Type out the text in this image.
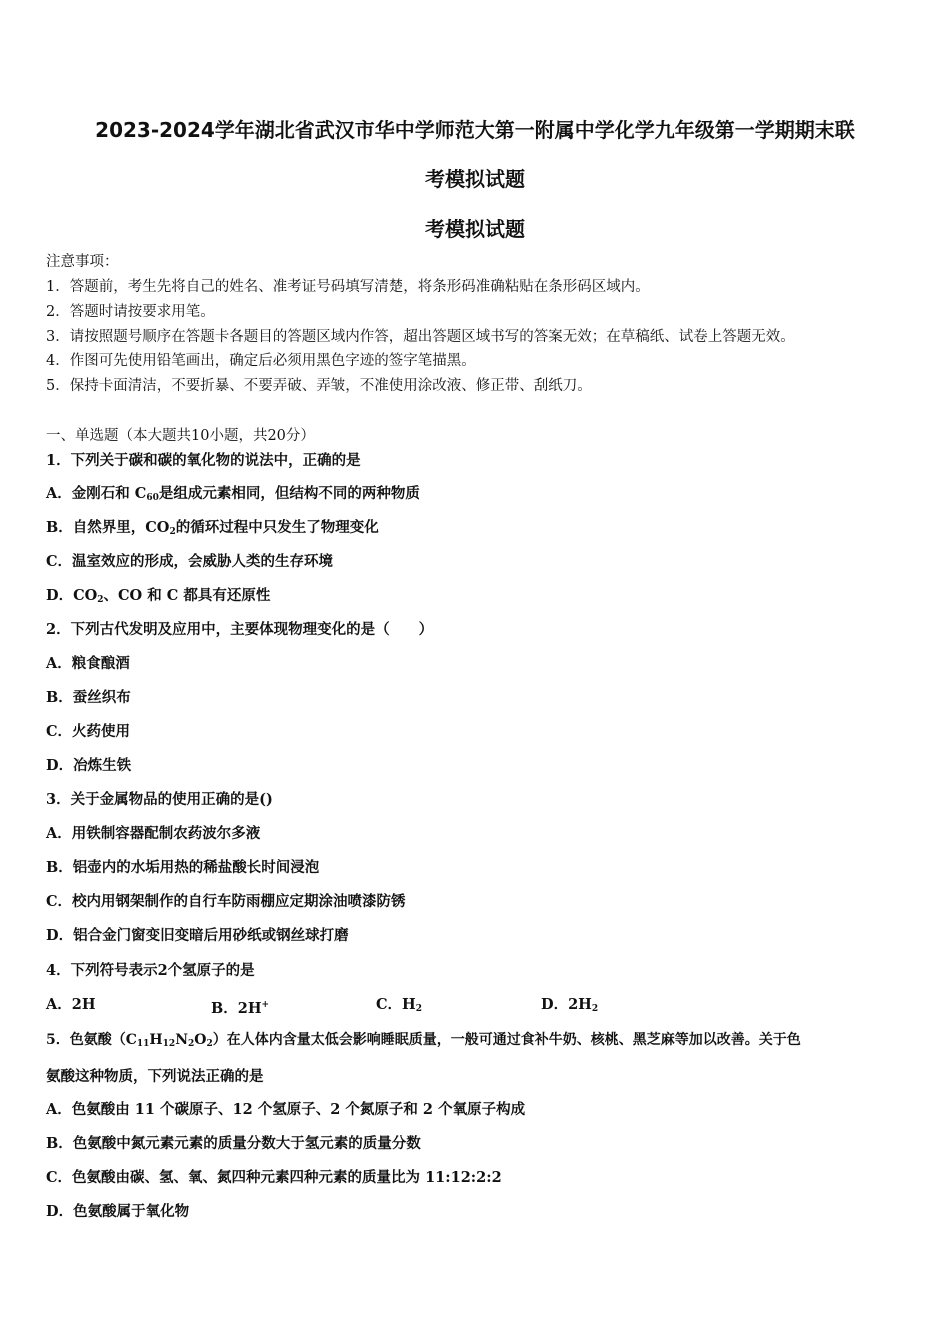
2023-2024学年湖北省武汉市华中学师范大第一附属中学化学九年级第一学期期末联
考模拟试题
考模拟试题
注意事项：
1．答题前，考生先将自己的姓名、准考证号码填写清楚，将条形码准确粘贴在条形码区域内。
2．答题时请按要求用笔。
3．请按照题号顺序在答题卡各题目的答题区域内作答，超出答题区域书写的答案无效；在草稿纸、试卷上答题无效。
4．作图可先使用铅笔画出，确定后必须用黑色字迹的签字笔描黑。
5．保持卡面清洁，不要折暴、不要弄破、弄皱，不准使用涂改液、修正带、刮纸刀。
一、单选题（本大题共10小题，共20分）
1．下列关于碳和碳的氧化物的说法中，正确的是
A．金刚石和 $C_{60}$是组成元素相同，但结构不同的两种物质
B．自然界里，$CO_2$的循环过程中只发生了物理变化
C．温室效应的形成，会威胁人类的生存环境
D．$CO_2$、CO 和 C 都具有还原性
2．下列古代发明及应用中，主要体现物理变化的是（　　）
A．粮食酿酒
B．蚕丝织布
C．火药使用
D．冶炼生铁
3．关于金属物品的使用正确的是()
A．用铁制容器配制农药波尔多液
B．铝壶内的水垢用热的稀盐酸长时间浸泡
C．校内用钢架制作的自行车防雨棚应定期涂油喷漆防锈
D．铝合金门窗变旧变暗后用砂纸或钢丝球打磨
4．下列符号表示2个氢原子的是
A．2H	B．2H+	C．$H_2$	D．$2H_2$
5．色氨酸$(C_{11}H_{12}N_2O_2)$在人体内含量太低会影响睡眠质量，一般可通过食补牛奶、核桃、黑芝麻等加以改善。关于色
氨酸这种物质，下列说法正确的是
A．色氨酸由 11 个碳原子、12 个氢原子、2 个氮原子和 2 个氧原子构成
B．色氨酸中氮元素元素的质量分数大于氢元素的质量分数
C．色氨酸由碳、氢、氧、氮四种元素四种元素的质量比为 11:12:2:2
D．色氨酸属于氧化物
